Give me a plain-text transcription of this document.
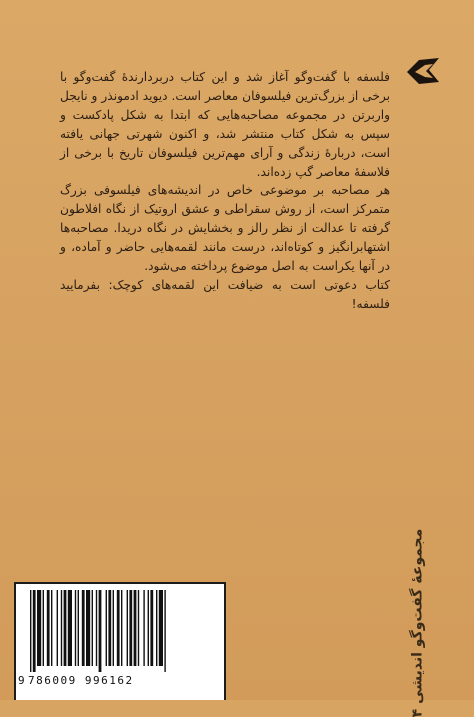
فلسفه با گفت‌وگو آغاز شد و این کتاب دربردارندهٔ گفت‌وگو با برخی از بزرگ‌ترین فیلسوفان معاصر است. دیوید ادمونذر و نایجل واربرتن در مجموعه مصاحبه‌هایی که ابتدا به شکل پادکست و سپس به شکل کتاب منتشر شد، و اکنون شهرتی جهانی یافته است، دربارهٔ زندگی و آرای مهم‌ترین فیلسوفان تاریخ با برخی از فلاسفهٔ معاصر گپ زده‌اند.

هر مصاحبه بر موضوعی خاص در اندیشه‌های فیلسوفی بزرگ متمرکز است، از روش سقراطی و عشق اروتیک از نگاه افلاطون گرفته تا عدالت از نظر رالز و بخشایش در نگاه دریدا. مصاحبه‌ها اشتهابرانگیز و کوتاه‌اند، درست مانند لقمه‌هایی حاضر و آماده، و در آنها یکراست به اصل موضوع پرداخته می‌شود.

کتاب دعوتی است به ضیافت این لقمه‌های کوچک: بفرمایید فلسفه!

مجموعهٔ گفت‌وگو اندیشی ۴
9 786009 996162
